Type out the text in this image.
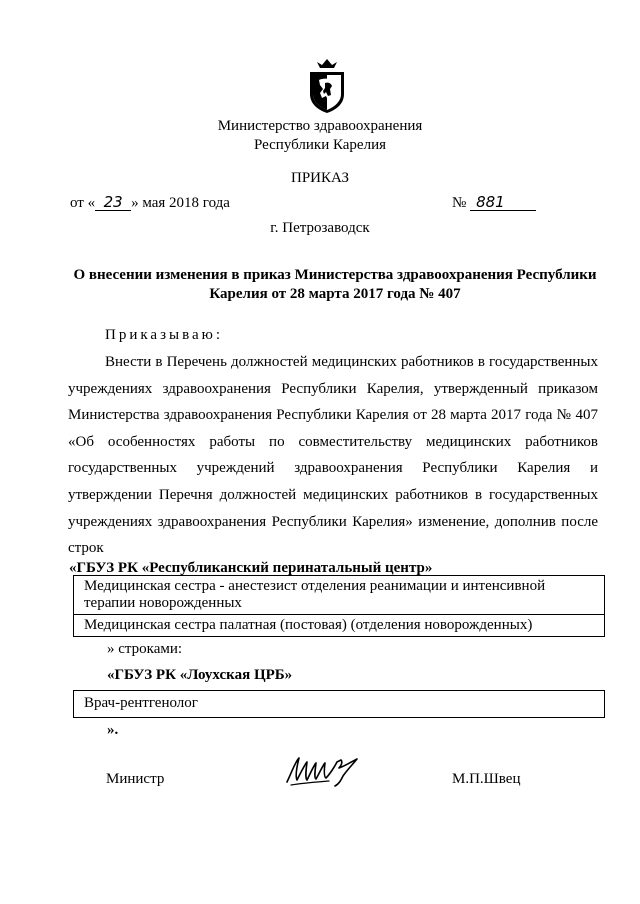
Министерство здравоохранения
Республики Карелия
ПРИКАЗ
от « 23 » мая 2018 года	№ 881
г. Петрозаводск
О внесении изменения в приказ Министерства здравоохранения Республики Карелия от 28 марта 2017 года № 407
Приказываю:
Внести в Перечень должностей медицинских работников в государственных учреждениях здравоохранения Республики Карелия, утвержденный приказом Министерства здравоохранения Республики Карелия от 28 марта 2017 года № 407 «Об особенностях работы по совместительству медицинских работников государственных учреждений здравоохранения Республики Карелия и утверждении Перечня должностей медицинских работников в государственных учреждениях здравоохранения Республики Карелия» изменение, дополнив после строк
«ГБУЗ РК «Республиканский перинатальный центр»
Медицинская сестра - анестезист отделения реанимации и интенсивной терапии новорожденных
Медицинская сестра палатная (постовая) (отделения новорожденных)
» строками:
«ГБУЗ РК «Лоухская ЦРБ»
Врач-рентгенолог
».
Министр	М.П.Швец
